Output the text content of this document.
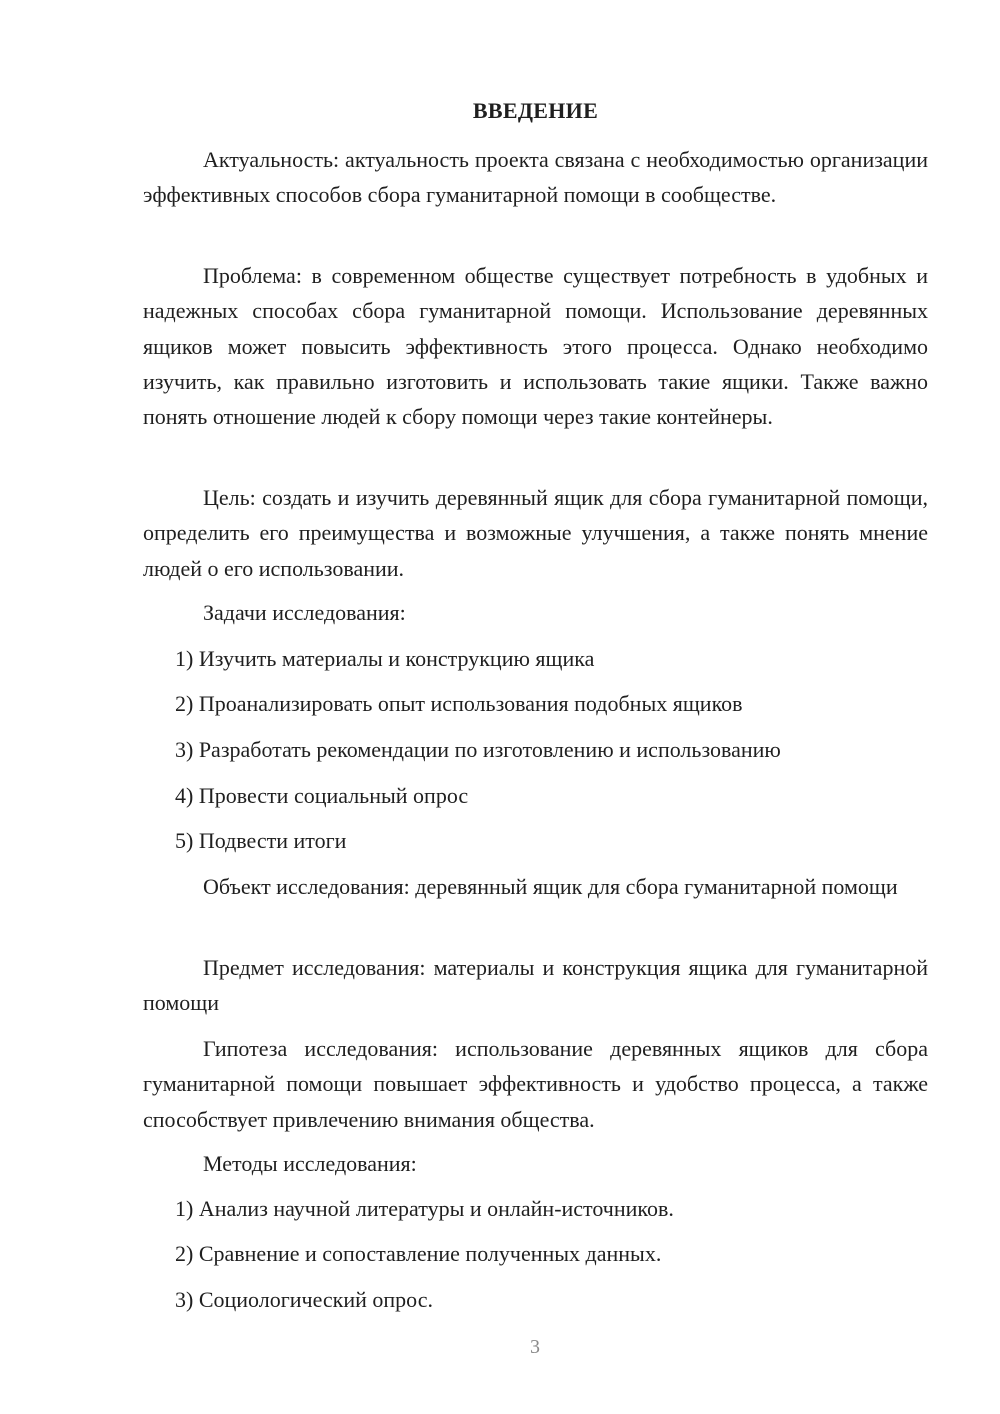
ВВЕДЕНИЕ
Актуальность: актуальность проекта связана с необходимостью организации эффективных способов сбора гуманитарной помощи в сообществе.
Проблема: в современном обществе существует потребность в удобных и надежных способах сбора гуманитарной помощи. Использование деревянных ящиков может повысить эффективность этого процесса. Однако необходимо изучить, как правильно изготовить и использовать такие ящики. Также важно понять отношение людей к сбору помощи через такие контейнеры.
Цель: создать и изучить деревянный ящик для сбора гуманитарной помощи, определить его преимущества и возможные улучшения, а также понять мнение людей о его использовании.
Задачи исследования:
1) Изучить материалы и конструкцию ящика
2) Проанализировать опыт использования подобных ящиков
3) Разработать рекомендации по изготовлению и использованию
4) Провести социальный опрос
5) Подвести итоги
Объект исследования: деревянный ящик для сбора гуманитарной помощи
Предмет исследования: материалы и конструкция ящика для гуманитарной помощи
Гипотеза исследования: использование деревянных ящиков для сбора гуманитарной помощи повышает эффективность и удобство процесса, а также способствует привлечению внимания общества.
Методы исследования:
1) Анализ научной литературы и онлайн-источников.
2) Сравнение и сопоставление полученных данных.
3) Социологический опрос.
3
